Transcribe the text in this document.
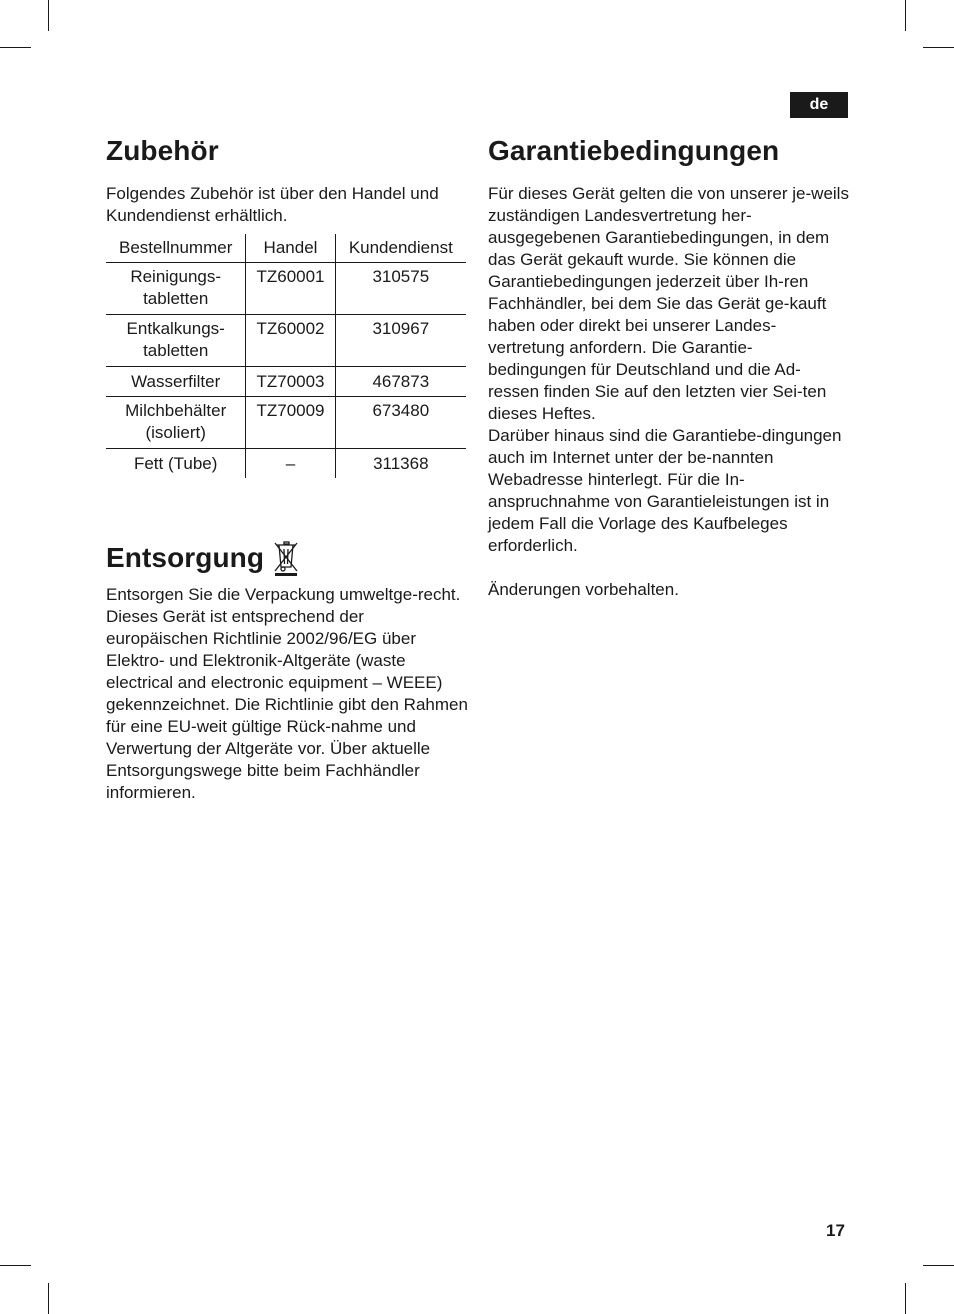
de
Zubehör

Folgendes Zubehör ist über den Handel und Kundendienst erhältlich.

Bestellnummer	Handel	Kundendienst
Reinigungs-
tabletten	TZ60001	310575
Entkalkungs-
tabletten	TZ60002	310967
Wasserfilter	TZ70003	467873
Milchbehälter
(isoliert)	TZ70009	673480
Fett (Tube)	–	311368
Entsorgung

Entsorgen Sie die Verpackung umweltge-recht. Dieses Gerät ist entsprechend der europäischen Richtlinie 2002/96/EG über Elektro- und Elektronik-Altgeräte (waste electrical and electronic equipment – WEEE) gekennzeichnet. Die Richtlinie gibt den Rahmen für eine EU-weit gültige Rück-nahme und Verwertung der Altgeräte vor. Über aktuelle Entsorgungswege bitte beim Fachhändler informieren.

Garantiebedingungen

Für dieses Gerät gelten die von unserer je-weils zuständigen Landesvertretung her-ausgegebenen Garantiebedingungen, in dem das Gerät gekauft wurde. Sie können die Garantiebedingungen jederzeit über Ih-ren Fachhändler, bei dem Sie das Gerät ge-kauft haben oder direkt bei unserer Landes-vertretung anfordern. Die Garantie-bedingungen für Deutschland und die Ad-ressen finden Sie auf den letzten vier Sei-ten dieses Heftes.

Darüber hinaus sind die Garantiebe-dingungen auch im Internet unter der be-nannten Webadresse hinterlegt. Für die In-anspruchnahme von Garantieleistungen ist in jedem Fall die Vorlage des Kaufbeleges erforderlich.

Änderungen vorbehalten.

17
